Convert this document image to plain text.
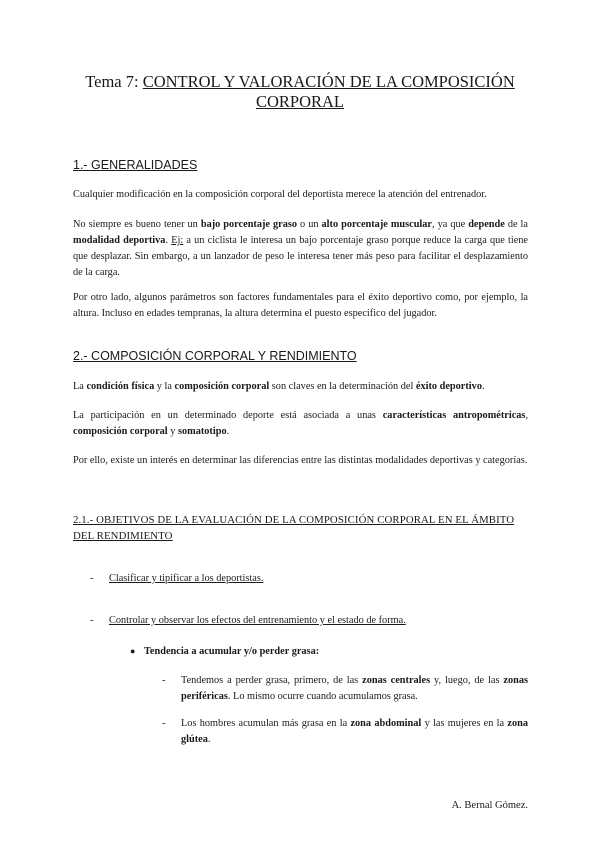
Tema 7: CONTROL Y VALORACIÓN DE LA COMPOSICIÓN
CORPORAL
1.- GENERALIDADES

Cualquier modificación en la composición corporal del deportista merece la atención del entrenador.

No siempre es bueno tener un bajo porcentaje graso o un alto porcentaje muscular, ya que depende de la modalidad deportiva. Ej: a un ciclista le interesa un bajo porcentaje graso porque reduce la carga que tiene que desplazar. Sin embargo, a un lanzador de peso le interesa tener más peso para facilitar el desplazamiento de la carga.

Por otro lado, algunos parámetros son factores fundamentales para el éxito deportivo como, por ejemplo, la altura. Incluso en edades tempranas, la altura determina el puesto específico del jugador.

2.- COMPOSICIÓN CORPORAL Y RENDIMIENTO

La condición física y la composición corporal son claves en la determinación del éxito deportivo.

La participación en un determinado deporte está asociada a unas características antropométricas, composición corporal y somatotipo.

Por ello, existe un interés en determinar las diferencias entre las distintas modalidades deportivas y categorías.

2.1.- OBJETIVOS DE LA EVALUACIÓN DE LA COMPOSICIÓN CORPORAL EN EL ÁMBITO DEL RENDIMIENTO
- Clasificar y tipificar a los deportistas.
- Controlar y observar los efectos del entrenamiento y el estado de forma.
● Tendencia a acumular y/o perder grasa:
- Tendemos a perder grasa, primero, de las zonas centrales y, luego, de las zonas periféricas. Lo mismo ocurre cuando acumulamos grasa.
- Los hombres acumulan más grasa en la zona abdominal y las mujeres en la zona glútea.
A. Bernal Gómez.
